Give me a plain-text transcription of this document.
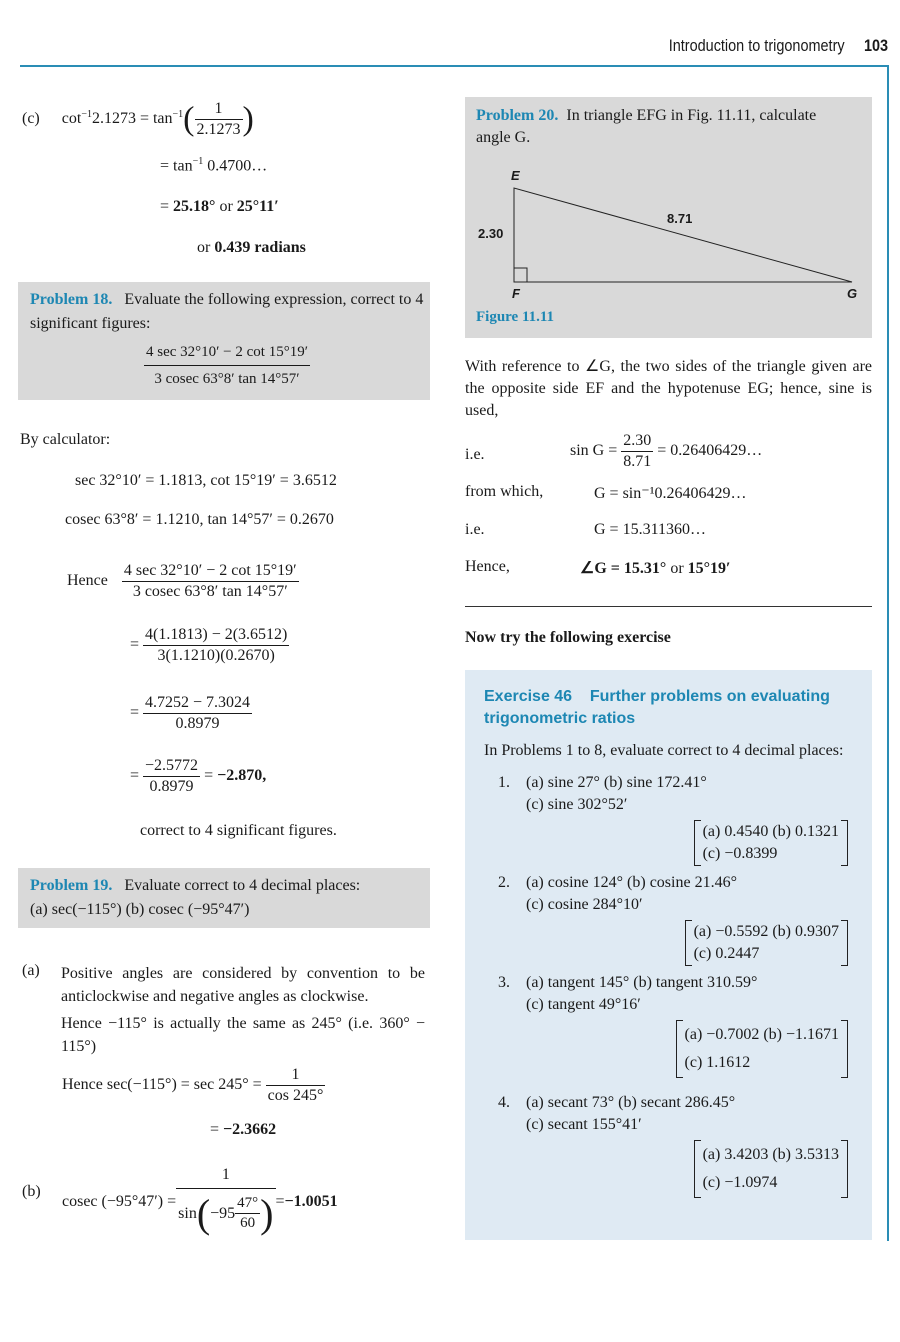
Introduction to trigonometry 103
(c) $\cot^{-1}2.1273 = \tan^{-1}( \frac{1}{2.1273}$ )
= $\tan^{-1}$ 0.4700…
= 25.18° or 25°11′
or 0.439 radians
Problem 18. Evaluate the following expression, correct to 4 significant figures:
$\frac{4 \sec 32^\circ 10' - 2 \cot 15^\circ 19'}{3 cosec 63^\circ 8' \tan 14^\circ 57'}$
By calculator:
sec 32°10′ = 1.1813, cot 15°19′ = 3.6512
cosec 63°8′ = 1.1210, tan 14°57′ = 0.2670
Hence $\frac{4 \sec 32^\circ 10' - 2 \cot 15^\circ 19'}{3 cosec 63^\circ 8' \tan 14^\circ 57'}$
= $\frac{4(1.1813) - 2(3.6512)}{3(1.1210)(0.2670)}$
= $\frac{4.7252 - 7.3024}{0.8979}$
= $\frac{-2.5772}{0.8979} = -2.870$,
correct to 4 significant figures.
Problem 19. Evaluate correct to 4 decimal places:
(a) sec(−115°) (b) cosec (−95°47′)
(a) Positive angles are considered by convention to be anticlockwise and negative angles as clockwise.
Hence −115° is actually the same as 245° (i.e. 360° − 115°)
Hence $\sec(-115^\circ) = \sec 245^\circ = \frac{1}{\cos 245^\circ}$
= −2.3662
(b)
cosec $(-95^\circ 47') = \frac{1}{\sin ( -95 \frac{47^\circ}{60} )} = -1.0051$
Problem 20. In triangle EFG in Fig. 11.11, calculate angle G.
E
F	G
2.30
8.71
Figure 11.11
With reference to ∠G, the two sides of the triangle given are the opposite side EF and the hypotenuse EG; hence, sine is used,
i.e.	$\sin G = \frac{2.30}{8.71}$ = 0.26406429…
from which,	G = sin⁻¹0.26406429…
i.e.	G = 15.311360…
Hence,	∠G = 15.31° or 15°19′
Now try the following exercise
Exercise 46 Further problems on evaluating trigonometric ratios
In Problems 1 to 8, evaluate correct to 4 decimal places:
1. (a) sine 27° (b) sine 172.41°
(c) sine 302°52′
(a) 0.4540 (b) 0.1321
(c) −0.8399
2. (a) cosine 124° (b) cosine 21.46°
(c) cosine 284°10′
(a) −0.5592 (b) 0.9307
(c) 0.2447
3. (a) tangent 145° (b) tangent 310.59°
(c) tangent 49°16′
(a) −0.7002 (b) −1.1671
(c) 1.1612
4. (a) secant 73° (b) secant 286.45°
(c) secant 155°41′
(a) 3.4203 (b) 3.5313
(c) −1.0974
